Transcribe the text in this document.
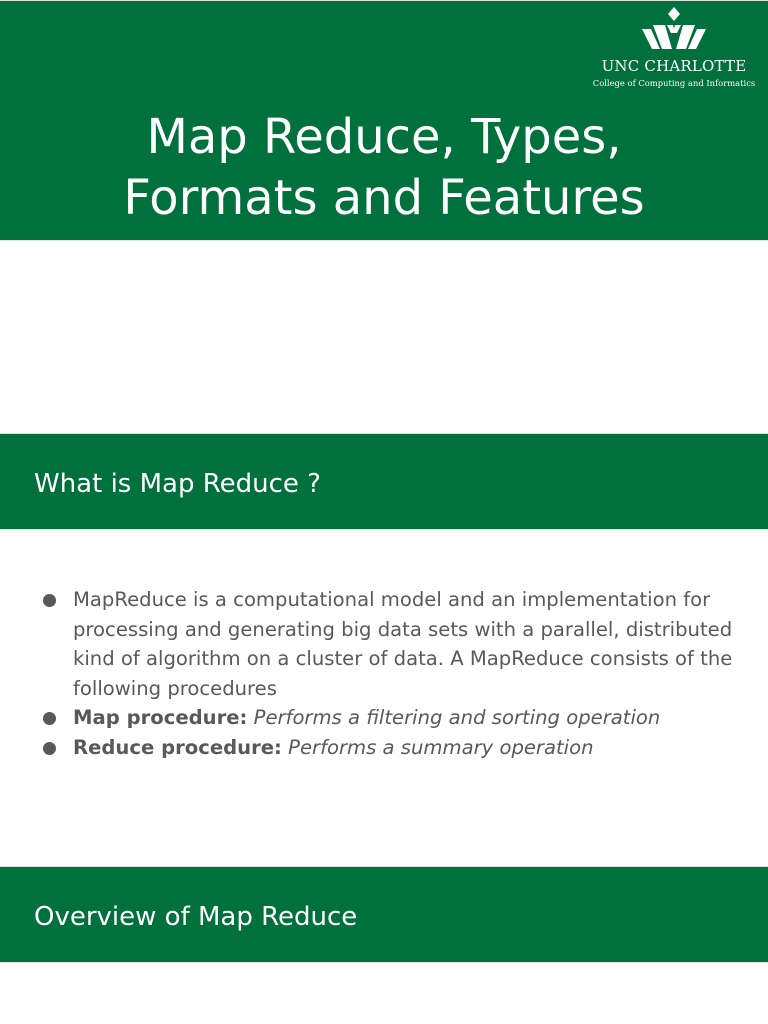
UNC CHARLOTTE
College of Computing and Informatics
Map Reduce, Types,
Formats and Features
What is Map Reduce ?
MapReduce is a computational model and an implementation for processing and generating big data sets with a parallel, distributed kind of algorithm on a cluster of data. A MapReduce consists of the following procedures
Map procedure: Performs a filtering and sorting operation
Reduce procedure: Performs a summary operation
Overview of Map Reduce
